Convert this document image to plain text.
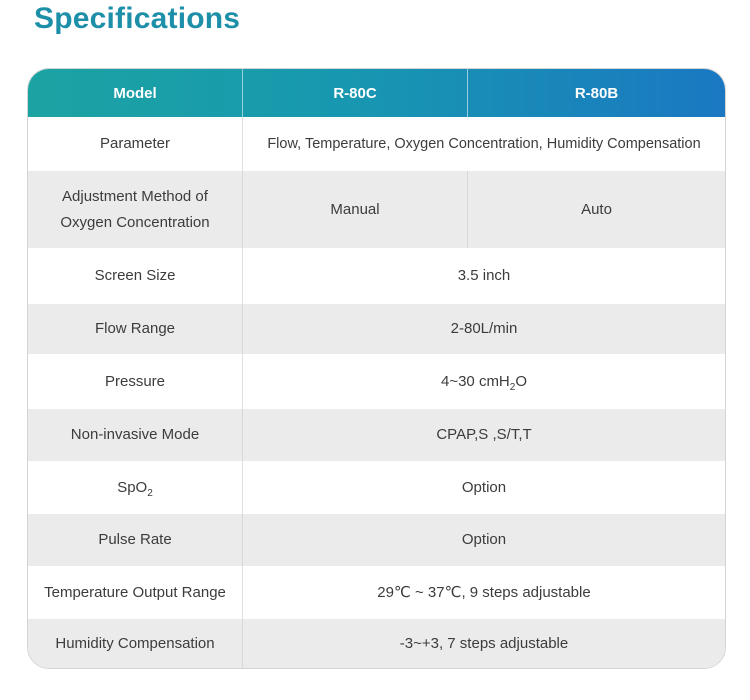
Specifications
Model	R-80C	R-80B
Parameter	Flow, Temperature, Oxygen Concentration, Humidity Compensation	
Adjustment Method of
Oxygen Concentration	Manual	Auto
Screen Size	3.5 inch	
Flow Range	2-80L/min	
Pressure	4~30 cmH$_2$O	
Non-invasive Mode	CPAP,S ,S/T,T	
SpO$_2$	Option	
Pulse Rate	Option	
Temperature Output Range	29℃ ~ 37℃, 9 steps adjustable	
Humidity Compensation	-3~+3, 7 steps adjustable	
